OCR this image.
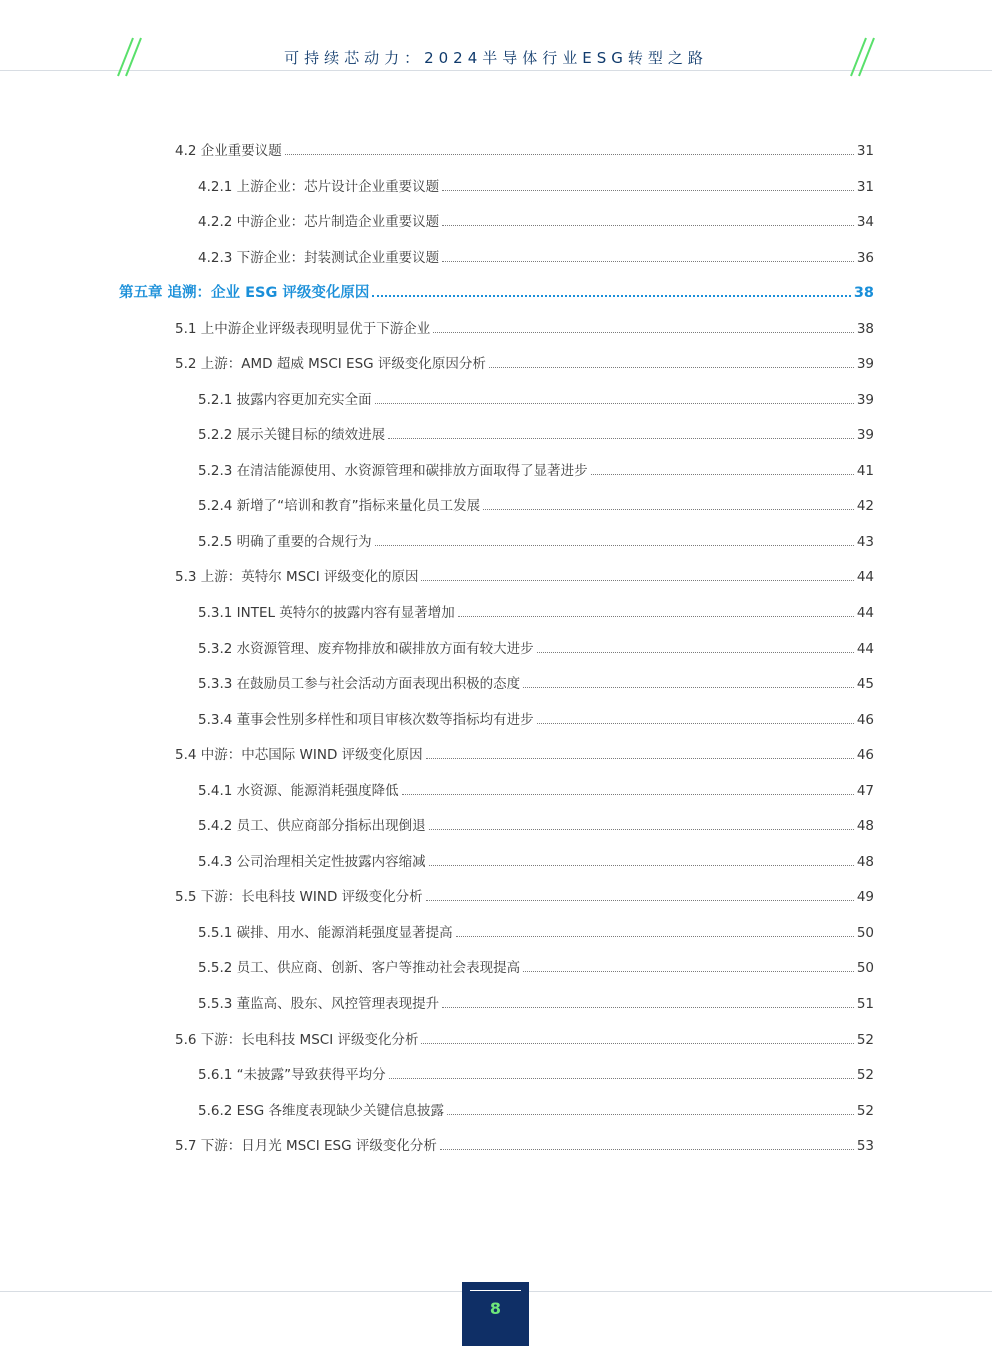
可持续芯动力：2024半导体行业ESG转型之路
4.2 企业重要议题	31
4.2.1 上游企业：芯片设计企业重要议题	31
4.2.2 中游企业：芯片制造企业重要议题	34
4.2.3 下游企业：封装测试企业重要议题	36
第五章 追溯：企业 ESG 评级变化原因	38
5.1 上中游企业评级表现明显优于下游企业	38
5.2 上游：AMD 超威 MSCI ESG 评级变化原因分析	39
5.2.1 披露内容更加充实全面	39
5.2.2 展示关键目标的绩效进展	39
5.2.3 在清洁能源使用、水资源管理和碳排放方面取得了显著进步	41
5.2.4 新增了“培训和教育”指标来量化员工发展	42
5.2.5 明确了重要的合规行为	43
5.3 上游：英特尔 MSCI 评级变化的原因	44
5.3.1 INTEL 英特尔的披露内容有显著增加	44
5.3.2 水资源管理、废弃物排放和碳排放方面有较大进步	44
5.3.3 在鼓励员工参与社会活动方面表现出积极的态度	45
5.3.4 董事会性别多样性和项目审核次数等指标均有进步	46
5.4 中游：中芯国际 WIND 评级变化原因	46
5.4.1 水资源、能源消耗强度降低	47
5.4.2 员工、供应商部分指标出现倒退	48
5.4.3 公司治理相关定性披露内容缩减	48
5.5 下游：长电科技 WIND 评级变化分析	49
5.5.1 碳排、用水、能源消耗强度显著提高	50
5.5.2 员工、供应商、创新、客户等推动社会表现提高	50
5.5.3 董监高、股东、风控管理表现提升	51
5.6 下游：长电科技 MSCI 评级变化分析	52
5.6.1 “未披露”导致获得平均分	52
5.6.2 ESG 各维度表现缺少关键信息披露	52
5.7 下游：日月光 MSCI ESG 评级变化分析	53
8
